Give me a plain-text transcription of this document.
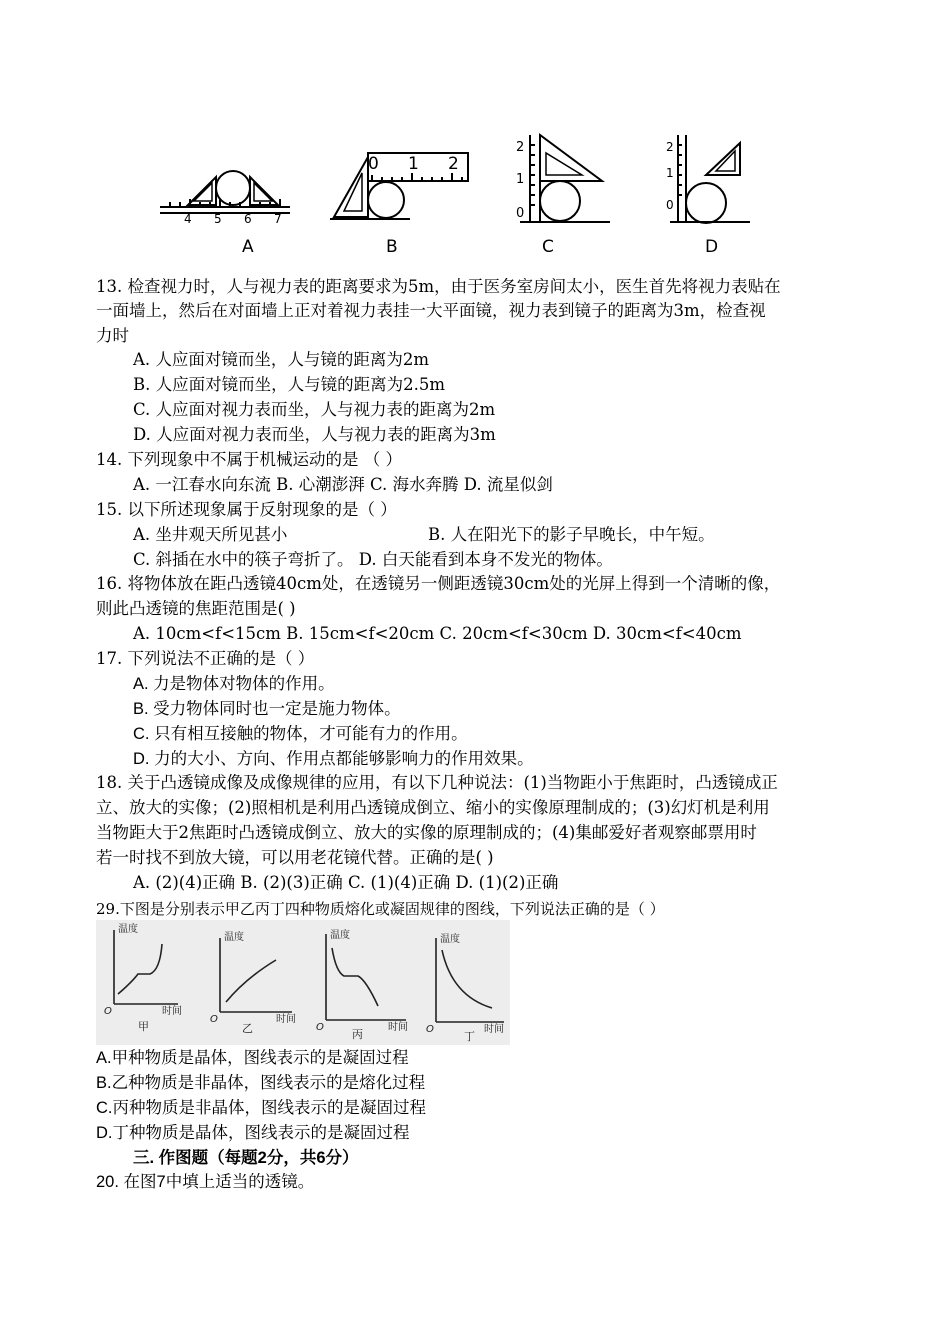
4 5 6 7
0 1 2
2
1
0
2
1
0
A	B	C	D
13. 检查视力时，人与视力表的距离要求为5m，由于医务室房间太小，医生首先将视力表贴在
一面墙上，然后在对面墙上正对着视力表挂一大平面镜，视力表到镜子的距离为3m，检查视
力时
A. 人应面对镜而坐，人与镜的距离为2m
B. 人应面对镜而坐，人与镜的距离为2.5m
C. 人应面对视力表而坐，人与视力表的距离为2m
D. 人应面对视力表而坐，人与视力表的距离为3m
14. 下列现象中不属于机械运动的是 （ ）
A. 一江春水向东流 B. 心潮澎湃 C. 海水奔腾 D. 流星似剑
15. 以下所述现象属于反射现象的是（ ）
A. 坐井观天所见甚小	B. 人在阳光下的影子早晚长，中午短。
C. 斜插在水中的筷子弯折了。 D. 白天能看到本身不发光的物体。
16. 将物体放在距凸透镜40cm处，在透镜另一侧距透镜30cm处的光屏上得到一个清晰的像，
则此凸透镜的焦距范围是( )
A. 10cm<f<15cm B. 15cm<f<20cm C. 20cm<f<30cm D. 30cm<f<40cm
17. 下列说法不正确的是（ ）
A. 力是物体对物体的作用。
B. 受力物体同时也一定是施力物体。
C. 只有相互接触的物体，才可能有力的作用。
D. 力的大小、方向、作用点都能够影响力的作用效果。
18. 关于凸透镜成像及成像规律的应用，有以下几种说法：(1)当物距小于焦距时，凸透镜成正
立、放大的实像；(2)照相机是利用凸透镜成倒立、缩小的实像原理制成的；(3)幻灯机是利用
当物距大于2焦距时凸透镜成倒立、放大的实像的原理制成的；(4)集邮爱好者观察邮票用时
若一时找不到放大镜，可以用老花镜代替。正确的是( )
A. (2)(4)正确 B. (2)(3)正确 C. (1)(4)正确 D. (1)(2)正确
29.下图是分别表示甲乙丙丁四种物质熔化或凝固规律的图线，下列说法正确的是（ ）
温度
时间
O
甲
温度
时间
O
乙
温度
时间
O
丙
温度
时间
O
丁
A.甲种物质是晶体，图线表示的是凝固过程
B.乙种物质是非晶体，图线表示的是熔化过程
C.丙种物质是非晶体，图线表示的是凝固过程
D.丁种物质是晶体，图线表示的是凝固过程
三. 作图题（每题2分，共6分）
20. 在图7中填上适当的透镜。
